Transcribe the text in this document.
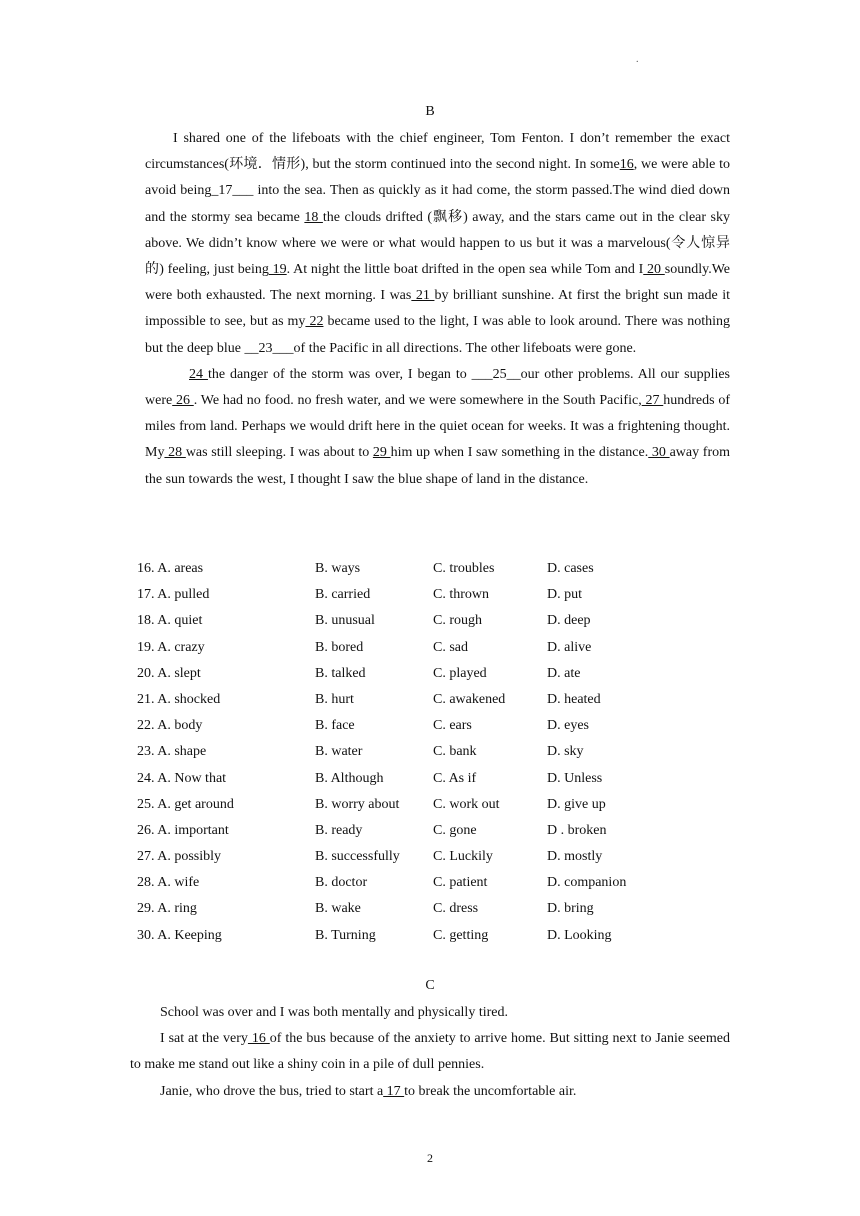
.
B

I shared one of the lifeboats with the chief engineer, Tom Fenton. I don’t remember the exact circumstances(环境．情形), but the storm continued into the second night. In some16, we were able to avoid being_17___ into the sea. Then as quickly as it had come, the storm passed.The wind died down and the stormy sea became 18 the clouds drifted (飘移) away, and the stars came out in the clear sky above. We didn’t know where we were or what would happen to us but it was a marvelous(令人惊异的) feeling, just being 19. At night the little boat drifted in the open sea while Tom and I 20 soundly.We were both exhausted. The next morning. I was 21 by brilliant sunshine. At first the bright sun made it impossible to see, but as my 22 became used to the light, I was able to look around. There was nothing but the deep blue __23___of the Pacific in all directions. The other lifeboats were gone.

24 the danger of the storm was over, I began to ___25__our other problems. All our supplies were 26 . We had no food. no fresh water, and we were somewhere in the South Pacific, 27 hundreds of miles from land. Perhaps we would drift here in the quiet ocean for weeks. It was a frightening thought. My 28 was still sleeping. I was about to 29 him up when I saw something in the distance. 30 away from the sun towards the west, I thought I saw the blue shape of land in the distance.

16. A. areas	B. ways	C. troubles	D. cases
17. A. pulled	B. carried	C. thrown	D. put
18. A. quiet	B. unusual	C. rough	D. deep
19. A. crazy	B. bored	C. sad	D. alive
20. A. slept	B. talked	C. played	D. ate
21. A. shocked	B. hurt	C. awakened	D. heated
22. A. body	B. face	C. ears	D. eyes
23. A. shape	B. water	C. bank	D. sky
24. A. Now that	B. Although	C. As if	D. Unless
25. A. get around	B. worry about C. work out	D. give up
26. A. important	B. ready	C. gone	D . broken
27. A. possibly	B. successfully C. Luckily	D. mostly
28. A. wife	B. doctor	C. patient	D. companion
29. A. ring	B. wake	C. dress	D. bring
30. A. Keeping	B. Turning	C. getting	D. Looking
C

School was over and I was both mentally and physically tired.

I sat at the very 16 of the bus because of the anxiety to arrive home. But sitting next to Janie seemed to make me stand out like a shiny coin in a pile of dull pennies.

Janie, who drove the bus, tried to start a 17 to break the uncomfortable air.

2
